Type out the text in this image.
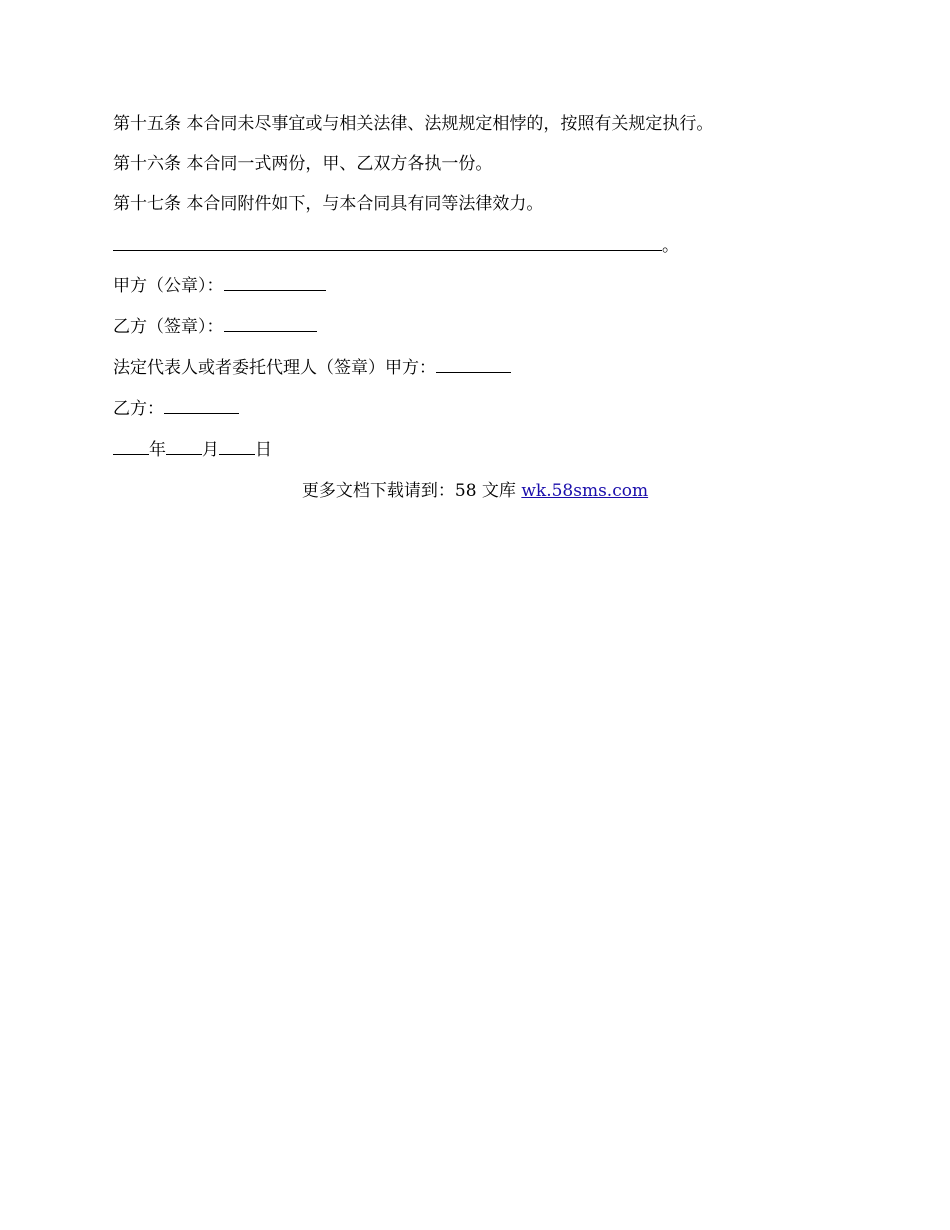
第十五条 本合同未尽事宜或与相关法律、法规规定相悖的，按照有关规定执行。
第十六条 本合同一式两份，甲、乙双方各执一份。
第十七条 本合同附件如下，与本合同具有同等法律效力。
。
甲方（公章）：
乙方（签章）：
法定代表人或者委托代理人（签章）甲方：
乙方：
年 月 日
更多文档下载请到：58 文库 wk.58sms.com
